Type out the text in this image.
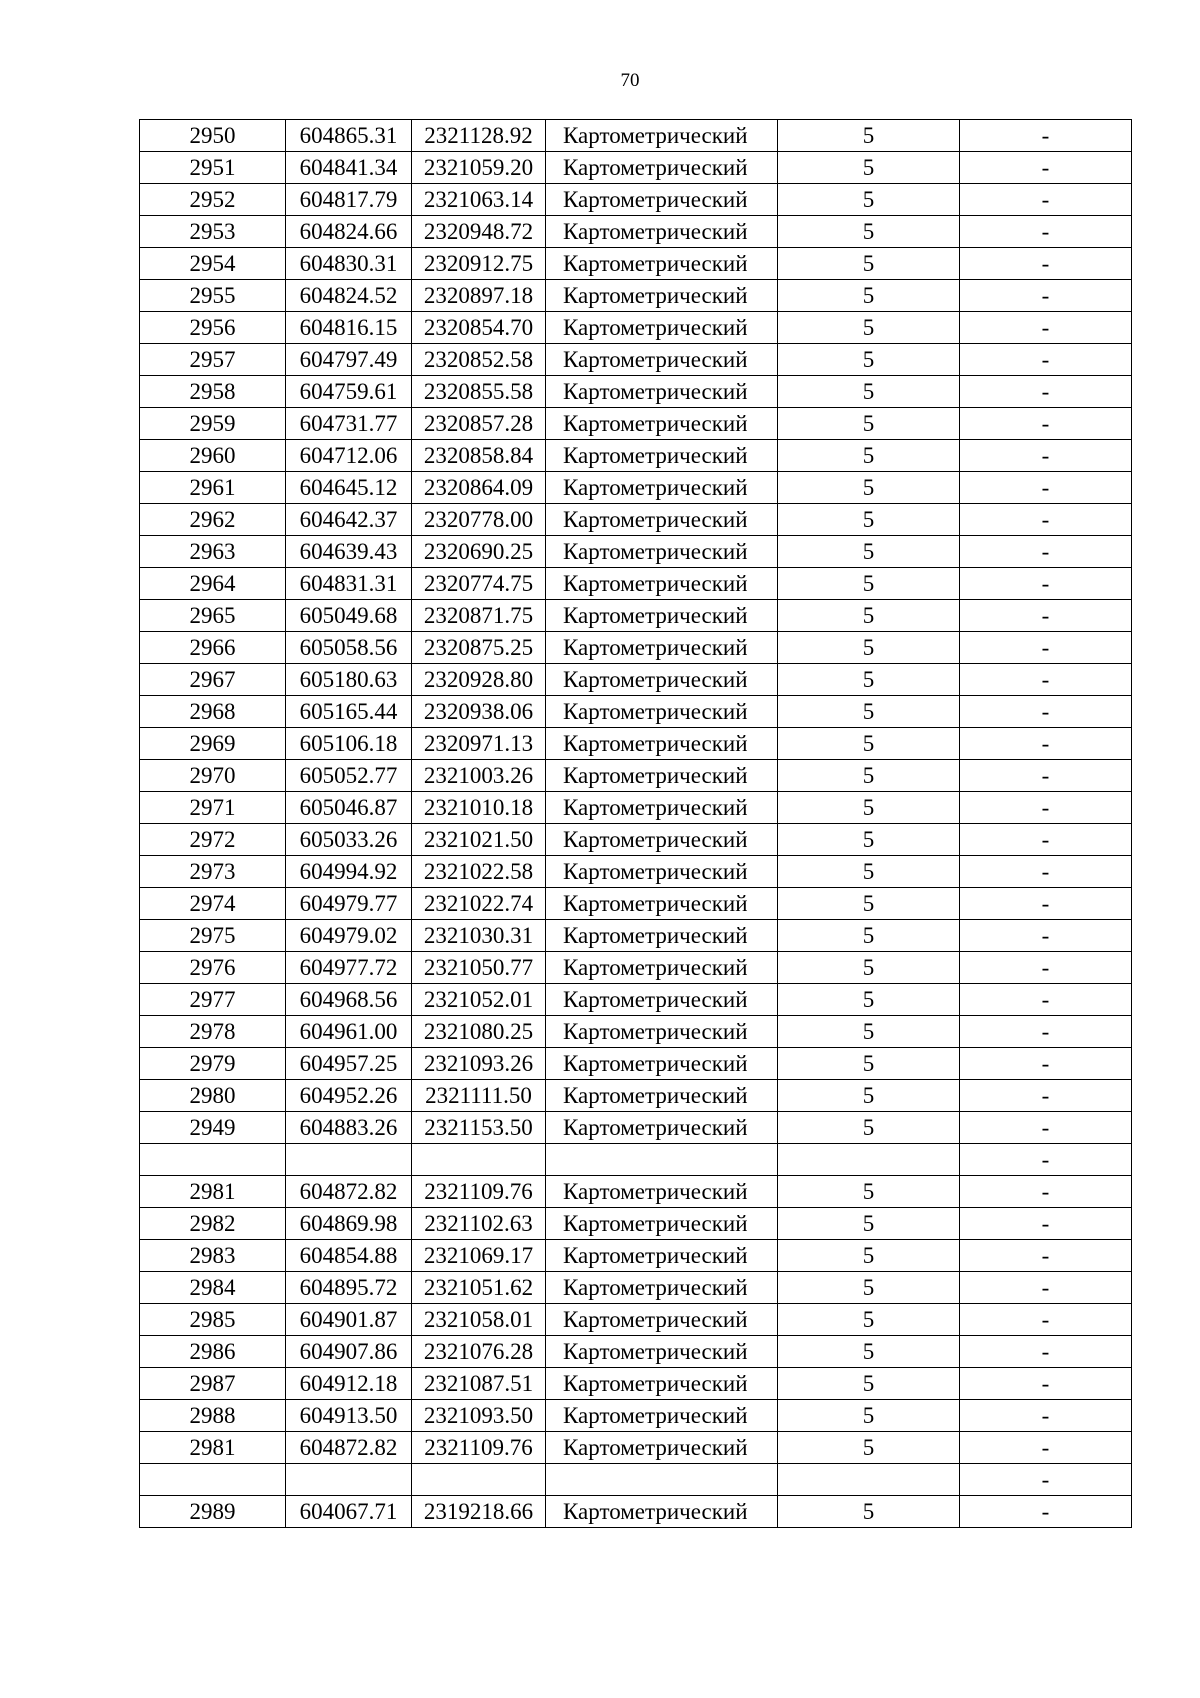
70
2950	604865.31	2321128.92	Картометрический	5	-
2951	604841.34	2321059.20	Картометрический	5	-
2952	604817.79	2321063.14	Картометрический	5	-
2953	604824.66	2320948.72	Картометрический	5	-
2954	604830.31	2320912.75	Картометрический	5	-
2955	604824.52	2320897.18	Картометрический	5	-
2956	604816.15	2320854.70	Картометрический	5	-
2957	604797.49	2320852.58	Картометрический	5	-
2958	604759.61	2320855.58	Картометрический	5	-
2959	604731.77	2320857.28	Картометрический	5	-
2960	604712.06	2320858.84	Картометрический	5	-
2961	604645.12	2320864.09	Картометрический	5	-
2962	604642.37	2320778.00	Картометрический	5	-
2963	604639.43	2320690.25	Картометрический	5	-
2964	604831.31	2320774.75	Картометрический	5	-
2965	605049.68	2320871.75	Картометрический	5	-
2966	605058.56	2320875.25	Картометрический	5	-
2967	605180.63	2320928.80	Картометрический	5	-
2968	605165.44	2320938.06	Картометрический	5	-
2969	605106.18	2320971.13	Картометрический	5	-
2970	605052.77	2321003.26	Картометрический	5	-
2971	605046.87	2321010.18	Картометрический	5	-
2972	605033.26	2321021.50	Картометрический	5	-
2973	604994.92	2321022.58	Картометрический	5	-
2974	604979.77	2321022.74	Картометрический	5	-
2975	604979.02	2321030.31	Картометрический	5	-
2976	604977.72	2321050.77	Картометрический	5	-
2977	604968.56	2321052.01	Картометрический	5	-
2978	604961.00	2321080.25	Картометрический	5	-
2979	604957.25	2321093.26	Картометрический	5	-
2980	604952.26	2321111.50	Картометрический	5	-
2949	604883.26	2321153.50	Картометрический	5	-
					-
2981	604872.82	2321109.76	Картометрический	5	-
2982	604869.98	2321102.63	Картометрический	5	-
2983	604854.88	2321069.17	Картометрический	5	-
2984	604895.72	2321051.62	Картометрический	5	-
2985	604901.87	2321058.01	Картометрический	5	-
2986	604907.86	2321076.28	Картометрический	5	-
2987	604912.18	2321087.51	Картометрический	5	-
2988	604913.50	2321093.50	Картометрический	5	-
2981	604872.82	2321109.76	Картометрический	5	-
					-
2989	604067.71	2319218.66	Картометрический	5	-
